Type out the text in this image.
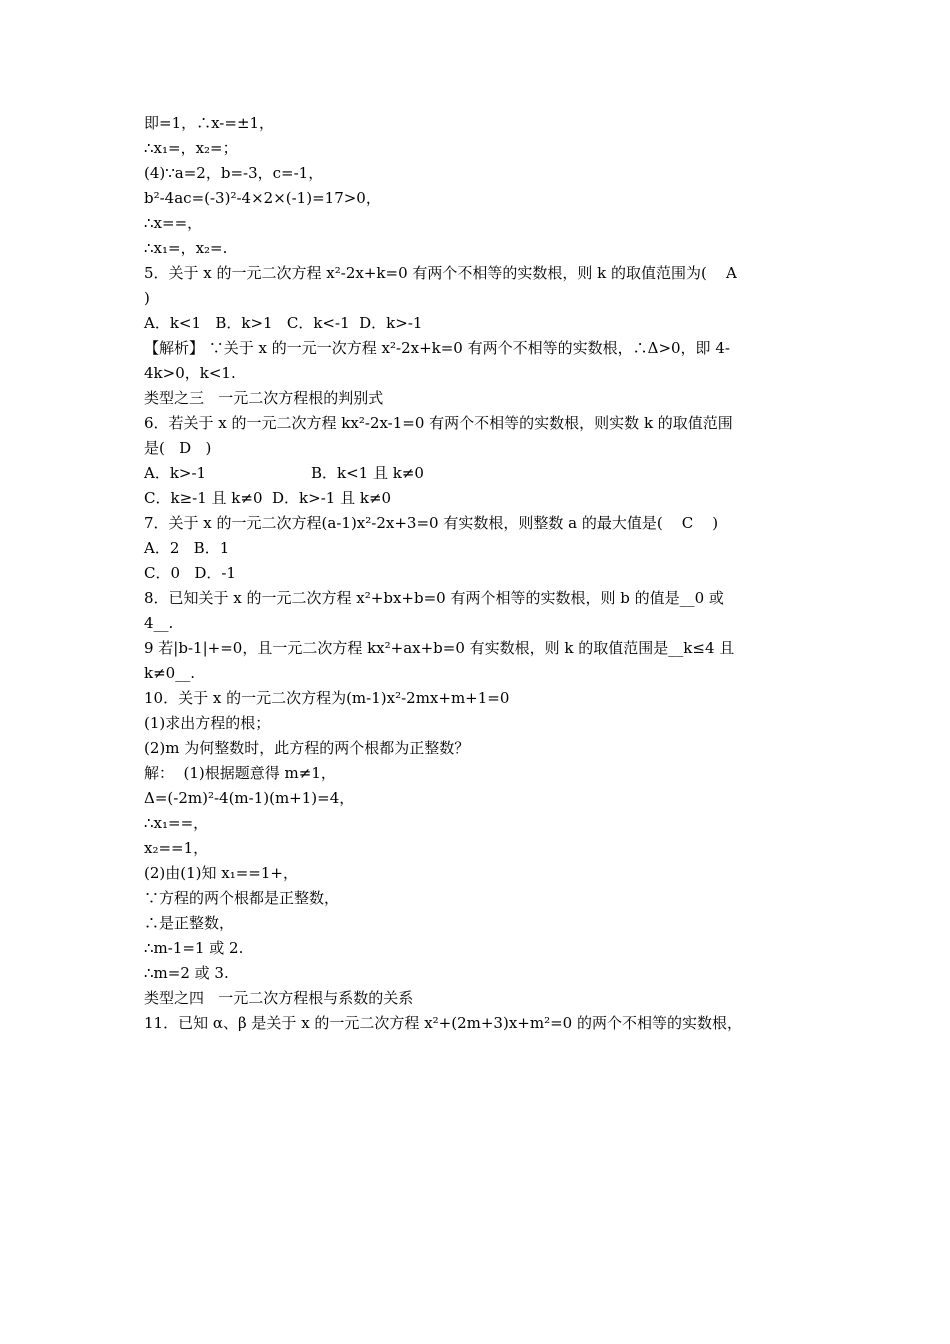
即=1，∴x-=±1，
∴x₁=，x₂=；
(4)∵a=2，b=-3，c=-1，
b²-4ac=(-3)²-4×2×(-1)=17>0，
∴x==，
∴x₁=，x₂=.
5．关于 x 的一元二次方程 x²-2x+k=0 有两个不相等的实数根，则 k 的取值范围为(    A
)
A．k<1   B．k>1   C．k<-1  D．k>-1
【解析】 ∵关于 x 的一元一次方程 x²-2x+k=0 有两个不相等的实数根，∴Δ>0，即 4-
4k>0，k<1.
类型之三   一元二次方程根的判别式
6．若关于 x 的一元二次方程 kx²-2x-1=0 有两个不相等的实数根，则实数 k 的取值范围
是(   D   )
A．k>-1                      B．k<1 且 k≠0
C．k≥-1 且 k≠0  D．k>-1 且 k≠0
7．关于 x 的一元二次方程(a-1)x²-2x+3=0 有实数根，则整数 a 的最大值是(    C    )
A．2   B．1
C．0   D．-1
8．已知关于 x 的一元二次方程 x²+bx+b=0 有两个相等的实数根，则 b 的值是__0 或
4__.
9 若|b-1|+=0，且一元二次方程 kx²+ax+b=0 有实数根，则 k 的取值范围是__k≤4 且
k≠0__.
10．关于 x 的一元二次方程为(m-1)x²-2mx+m+1=0
(1)求出方程的根；
(2)m 为何整数时，此方程的两个根都为正整数？
解：  (1)根据题意得 m≠1，
Δ=(-2m)²-4(m-1)(m+1)=4，
∴x₁==，
x₂==1，
(2)由(1)知 x₁==1+，
∵方程的两个根都是正整数，
∴是正整数，
∴m-1=1 或 2.
∴m=2 或 3.
类型之四   一元二次方程根与系数的关系
11．已知 α、β 是关于 x 的一元二次方程 x²+(2m+3)x+m²=0 的两个不相等的实数根，
